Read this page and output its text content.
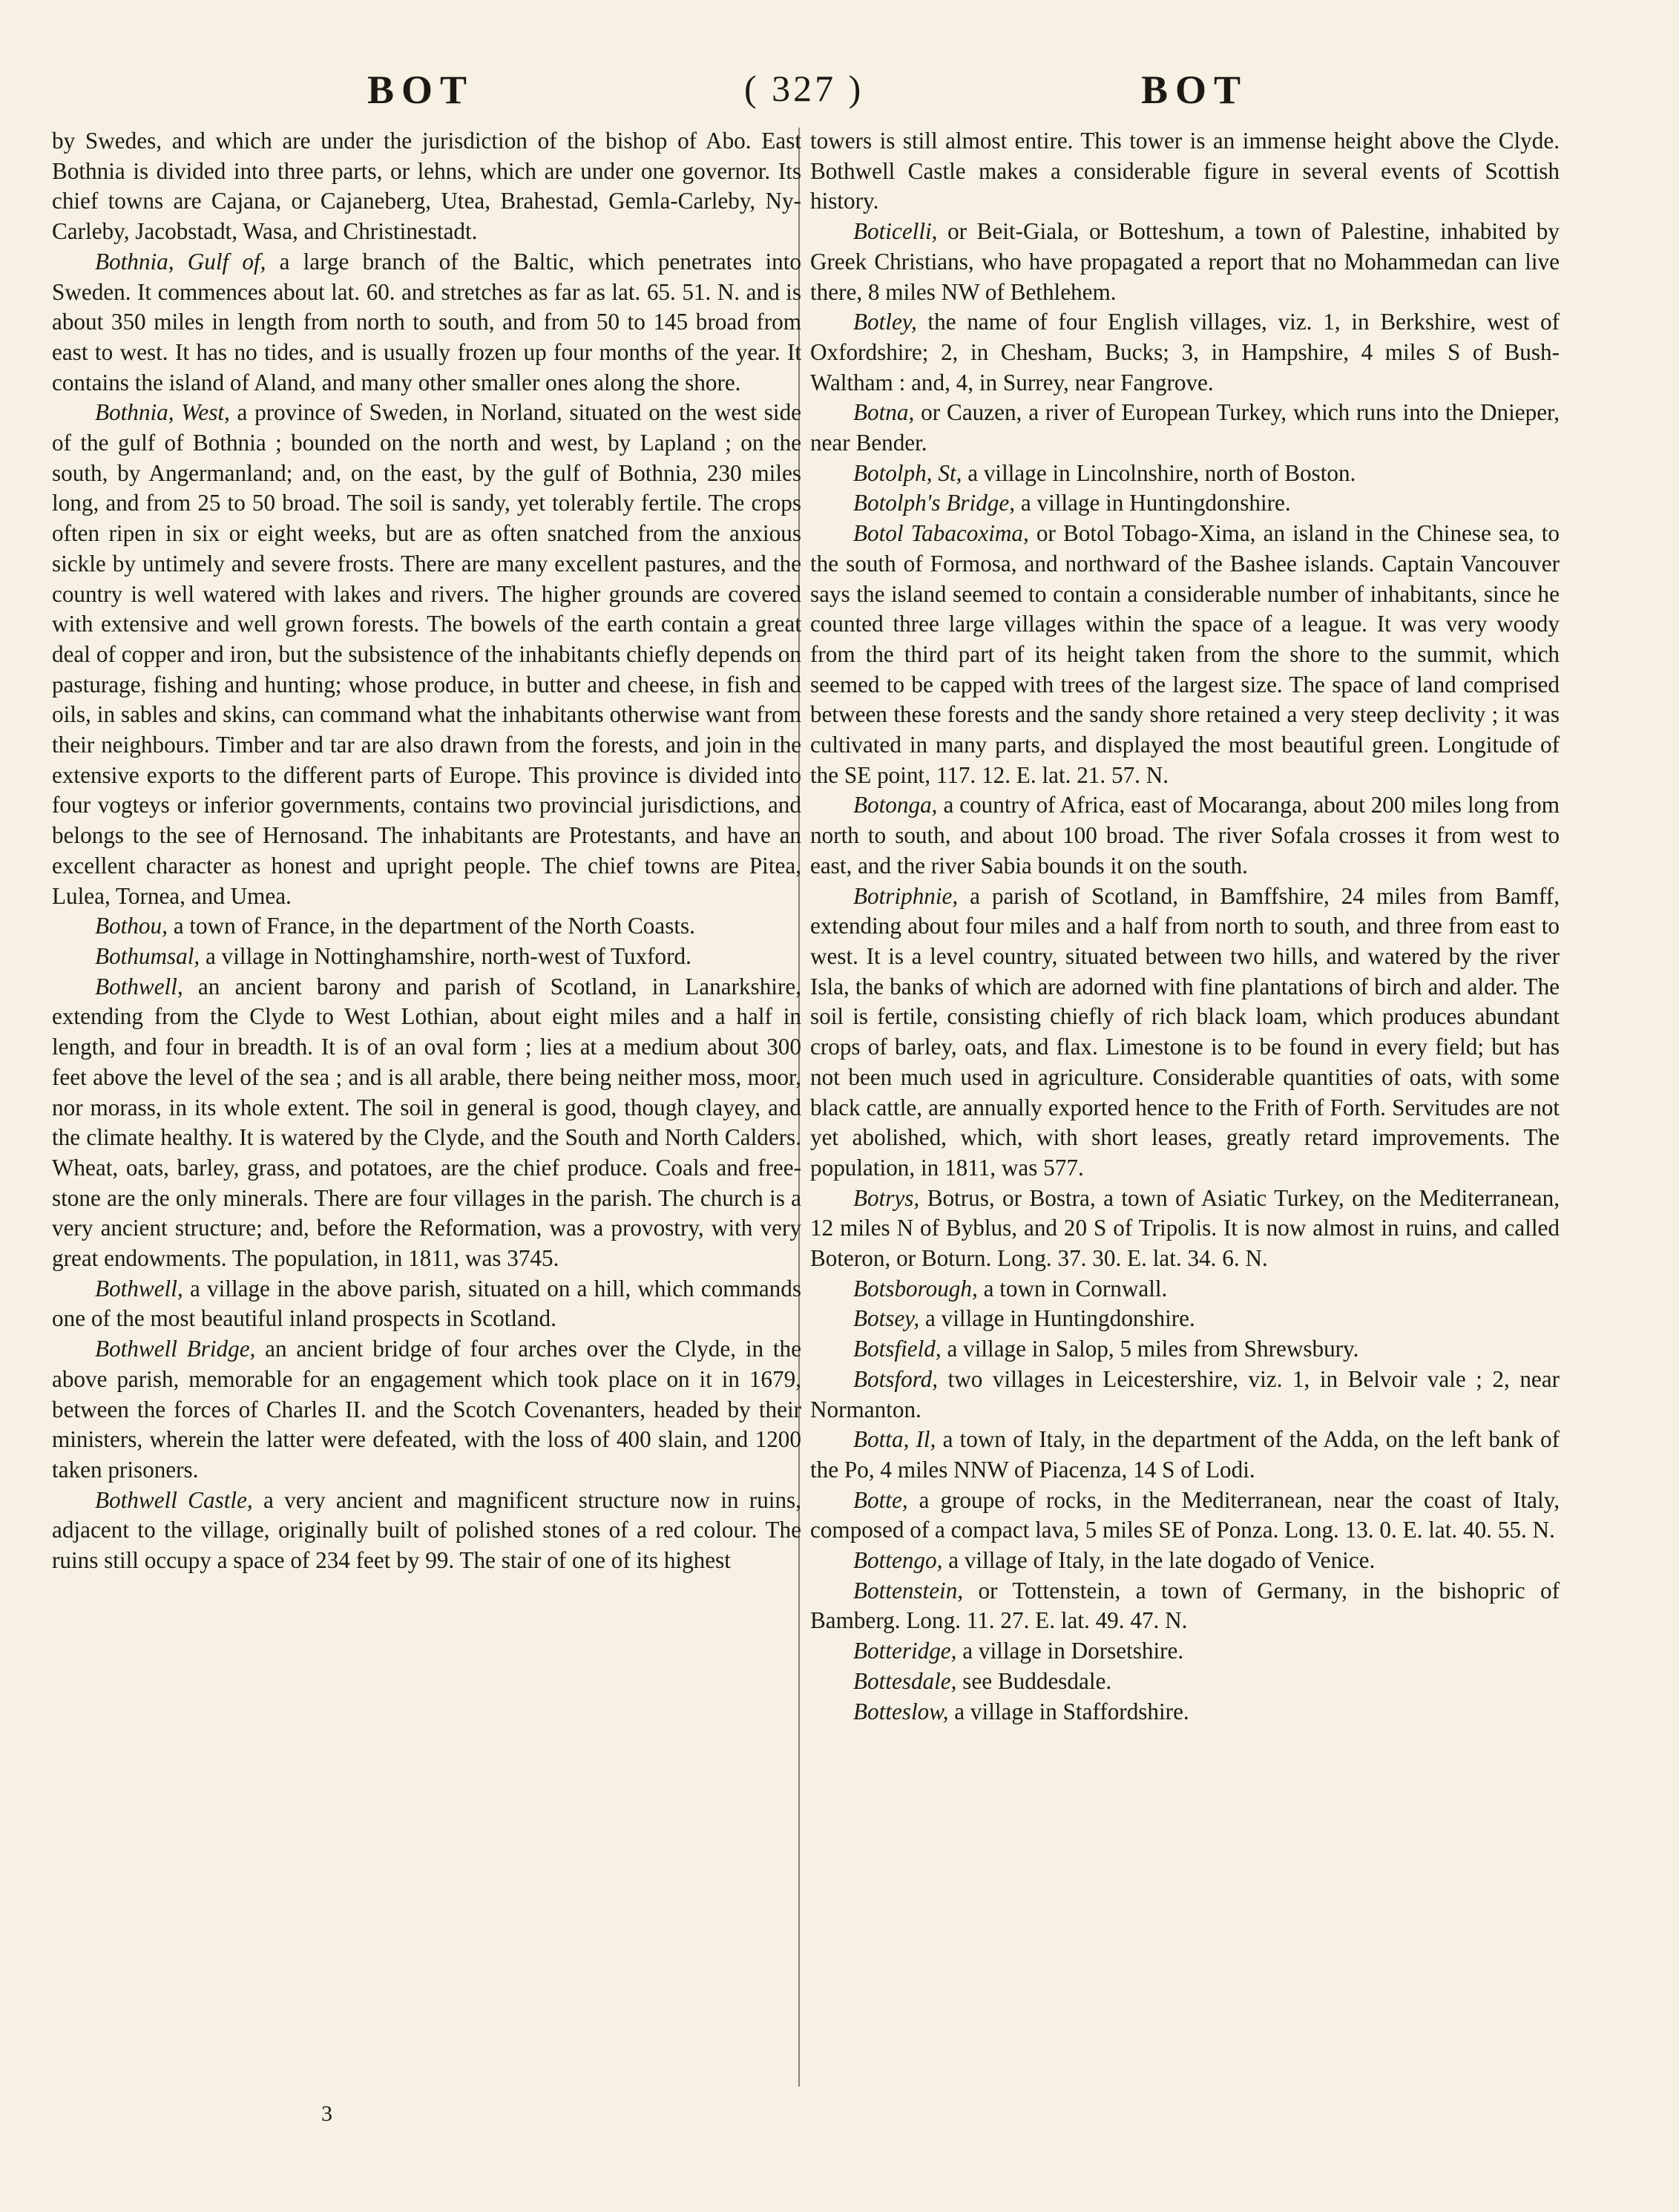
BOT	( 327 )	BOT

by Swedes, and which are under the jurisdiction of the bishop of Abo. East Bothnia is divided into three parts, or lehns, which are under one governor. Its chief towns are Cajana, or Cajaneberg, Utea, Brahestad, Gemla-Carleby, Ny-Carleby, Jacobstadt, Wasa, and Christinestadt.

Bothnia, Gulf of, a large branch of the Baltic, which penetrates into Sweden. It commences about lat. 60. and stretches as far as lat. 65. 51. N. and is about 350 miles in length from north to south, and from 50 to 145 broad from east to west. It has no tides, and is usually frozen up four months of the year. It contains the island of Aland, and many other smaller ones along the shore.

Bothnia, West, a province of Sweden, in Norland, situated on the west side of the gulf of Bothnia ; bounded on the north and west, by Lapland ; on the south, by Angermanland; and, on the east, by the gulf of Bothnia, 230 miles long, and from 25 to 50 broad. The soil is sandy, yet tolerably fertile. The crops often ripen in six or eight weeks, but are as often snatched from the anxious sickle by untimely and severe frosts. There are many excellent pastures, and the country is well watered with lakes and rivers. The higher grounds are covered with extensive and well grown forests. The bowels of the earth contain a great deal of copper and iron, but the subsistence of the inhabitants chiefly depends on pasturage, fishing and hunting; whose produce, in butter and cheese, in fish and oils, in sables and skins, can command what the inhabitants otherwise want from their neighbours. Timber and tar are also drawn from the forests, and join in the extensive exports to the different parts of Europe. This province is divided into four vogteys or inferior governments, contains two provincial jurisdictions, and belongs to the see of Hernosand. The inhabitants are Protestants, and have an excellent character as honest and upright people. The chief towns are Pitea, Lulea, Tornea, and Umea.

Bothou, a town of France, in the department of the North Coasts.

Bothumsal, a village in Nottinghamshire, north-west of Tuxford.

Bothwell, an ancient barony and parish of Scotland, in Lanarkshire, extending from the Clyde to West Lothian, about eight miles and a half in length, and four in breadth. It is of an oval form ; lies at a medium about 300 feet above the level of the sea ; and is all arable, there being neither moss, moor, nor morass, in its whole extent. The soil in general is good, though clayey, and the climate healthy. It is watered by the Clyde, and the South and North Calders. Wheat, oats, barley, grass, and potatoes, are the chief produce. Coals and free-stone are the only minerals. There are four villages in the parish. The church is a very ancient structure; and, before the Reformation, was a provostry, with very great endowments. The population, in 1811, was 3745.

Bothwell, a village in the above parish, situated on a hill, which commands one of the most beautiful inland prospects in Scotland.

Bothwell Bridge, an ancient bridge of four arches over the Clyde, in the above parish, memorable for an engagement which took place on it in 1679, between the forces of Charles II. and the Scotch Covenanters, headed by their ministers, wherein the latter were defeated, with the loss of 400 slain, and 1200 taken prisoners.

Bothwell Castle, a very ancient and magnificent structure now in ruins, adjacent to the village, originally built of polished stones of a red colour. The ruins still occupy a space of 234 feet by 99. The stair of one of its highest

towers is still almost entire. This tower is an immense height above the Clyde. Bothwell Castle makes a considerable figure in several events of Scottish history.

Boticelli, or Beit-Giala, or Botteshum, a town of Palestine, inhabited by Greek Christians, who have propagated a report that no Mohammedan can live there, 8 miles NW of Bethlehem.

Botley, the name of four English villages, viz. 1, in Berkshire, west of Oxfordshire; 2, in Chesham, Bucks; 3, in Hampshire, 4 miles S of Bush-Waltham : and, 4, in Surrey, near Fangrove.

Botna, or Cauzen, a river of European Turkey, which runs into the Dnieper, near Bender.

Botolph, St, a village in Lincolnshire, north of Boston.

Botolph's Bridge, a village in Huntingdonshire.

Botol Tabacoxima, or Botol Tobago-Xima, an island in the Chinese sea, to the south of Formosa, and northward of the Bashee islands. Captain Vancouver says the island seemed to contain a considerable number of inhabitants, since he counted three large villages within the space of a league. It was very woody from the third part of its height taken from the shore to the summit, which seemed to be capped with trees of the largest size. The space of land comprised between these forests and the sandy shore retained a very steep declivity ; it was cultivated in many parts, and displayed the most beautiful green. Longitude of the SE point, 117. 12. E. lat. 21. 57. N.

Botonga, a country of Africa, east of Mocaranga, about 200 miles long from north to south, and about 100 broad. The river Sofala crosses it from west to east, and the river Sabia bounds it on the south.

Botriphnie, a parish of Scotland, in Bamffshire, 24 miles from Bamff, extending about four miles and a half from north to south, and three from east to west. It is a level country, situated between two hills, and watered by the river Isla, the banks of which are adorned with fine plantations of birch and alder. The soil is fertile, consisting chiefly of rich black loam, which produces abundant crops of barley, oats, and flax. Limestone is to be found in every field; but has not been much used in agriculture. Considerable quantities of oats, with some black cattle, are annually exported hence to the Frith of Forth. Servitudes are not yet abolished, which, with short leases, greatly retard improvements. The population, in 1811, was 577.

Botrys, Botrus, or Bostra, a town of Asiatic Turkey, on the Mediterranean, 12 miles N of Byblus, and 20 S of Tripolis. It is now almost in ruins, and called Boteron, or Boturn. Long. 37. 30. E. lat. 34. 6. N.

Botsborough, a town in Cornwall.

Botsey, a village in Huntingdonshire.

Botsfield, a village in Salop, 5 miles from Shrewsbury.

Botsford, two villages in Leicestershire, viz. 1, in Belvoir vale ; 2, near Normanton.

Botta, Il, a town of Italy, in the department of the Adda, on the left bank of the Po, 4 miles NNW of Piacenza, 14 S of Lodi.

Botte, a groupe of rocks, in the Mediterranean, near the coast of Italy, composed of a compact lava, 5 miles SE of Ponza. Long. 13. 0. E. lat. 40. 55. N.

Bottengo, a village of Italy, in the late dogado of Venice.

Bottenstein, or Tottenstein, a town of Germany, in the bishopric of Bamberg. Long. 11. 27. E. lat. 49. 47. N.

Botteridge, a village in Dorsetshire.

Bottesdale, see Buddesdale.

Botteslow, a village in Staffordshire.

3
